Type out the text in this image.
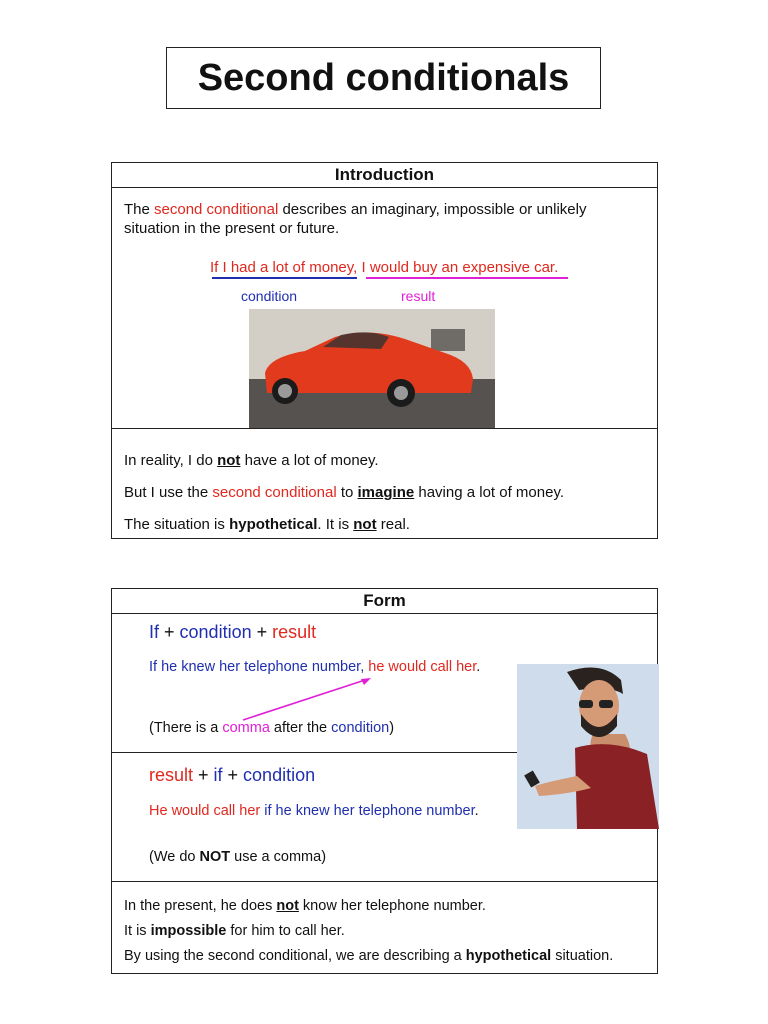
Second conditionals
Introduction
The second conditional describes an imaginary, impossible or unlikely
situation in the present or future.
If I had a lot of money, I would buy an expensive car.
condition	result
In reality, I do not have a lot of money.
But I use the second conditional to imagine having a lot of money.
The situation is hypothetical. It is not real.
Form
If + condition + result
If he knew her telephone number, he would call her.
(There is a comma after the condition)
result + if + condition
He would call her if he knew her telephone number.
(We do NOT use a comma)
In the present, he does not know her telephone number.
It is impossible for him to call her.
By using the second conditional, we are describing a hypothetical situation.
